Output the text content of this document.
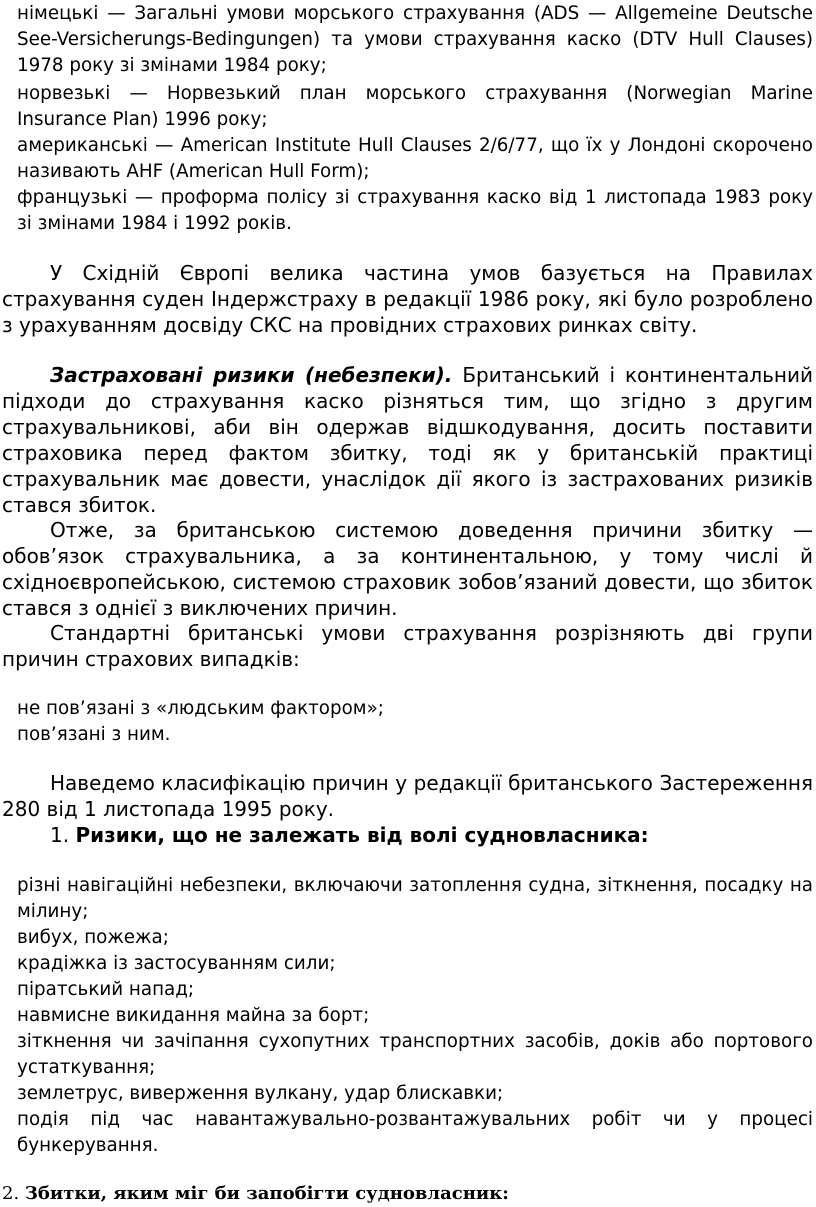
німецькі — Загальні умови морського страхування (ADS — Allgemeine Deutsche See-Versicherungs-Bedingungen) та умови страхування каско (DTV Hull Clauses) 1978 року зі змінами 1984 року;
норвезькі — Норвезький план морського страхування (Norwegian Marine Insurance Plan) 1996 року;
американські — American Institute Hull Clauses 2/6/77, що їх у Лондоні скорочено називають AHF (American Hull Form);
французькі — проформа полісу зі страхування каско від 1 листопада 1983 року зі змінами 1984 і 1992 років.
У Східній Європі велика частина умов базується на Правилах страхування суден Індержстраху в редакції 1986 року, які було розроблено з урахуванням досвіду СКС на провідних страхових ринках світу.
Застраховані ризики (небезпеки). Британський і континентальний підходи до страхування каско різняться тим, що згідно з другим страхувальникові, аби він одержав відшкодування, досить поставити страховика перед фактом збитку, тоді як у британській практиці страхувальник має довести, унаслідок дії якого із застрахованих ризиків стався збиток.
Отже, за британською системою доведення причини збитку — обов’язок страхувальника, а за континентальною, у тому числі й східноєвропейською, системою страховик зобов’язаний довести, що збиток стався з однієї з виключених причин.
Стандартні британські умови страхування розрізняють дві групи причин страхових випадків:
не пов’язані з «людським фактором»;
пов’язані з ним.
Наведемо класифікацію причин у редакції британського Застереження 280 від 1 листопада 1995 року.
1. Ризики, що не залежать від волі судновласника:
різні навігаційні небезпеки, включаючи затоплення судна, зіткнення, посадку на мілину;
вибух, пожежа;
крадіжка із застосуванням сили;
піратський напад;
навмисне викидання майна за борт;
зіткнення чи зачіпання сухопутних транспортних засобів, доків або портового устаткування;
землетрус, виверження вулкану, удар блискавки;
подія під час навантажувально-розвантажувальних робіт чи у процесі бункерування.
2. Збитки, яким міг би запобігти судновласник:
